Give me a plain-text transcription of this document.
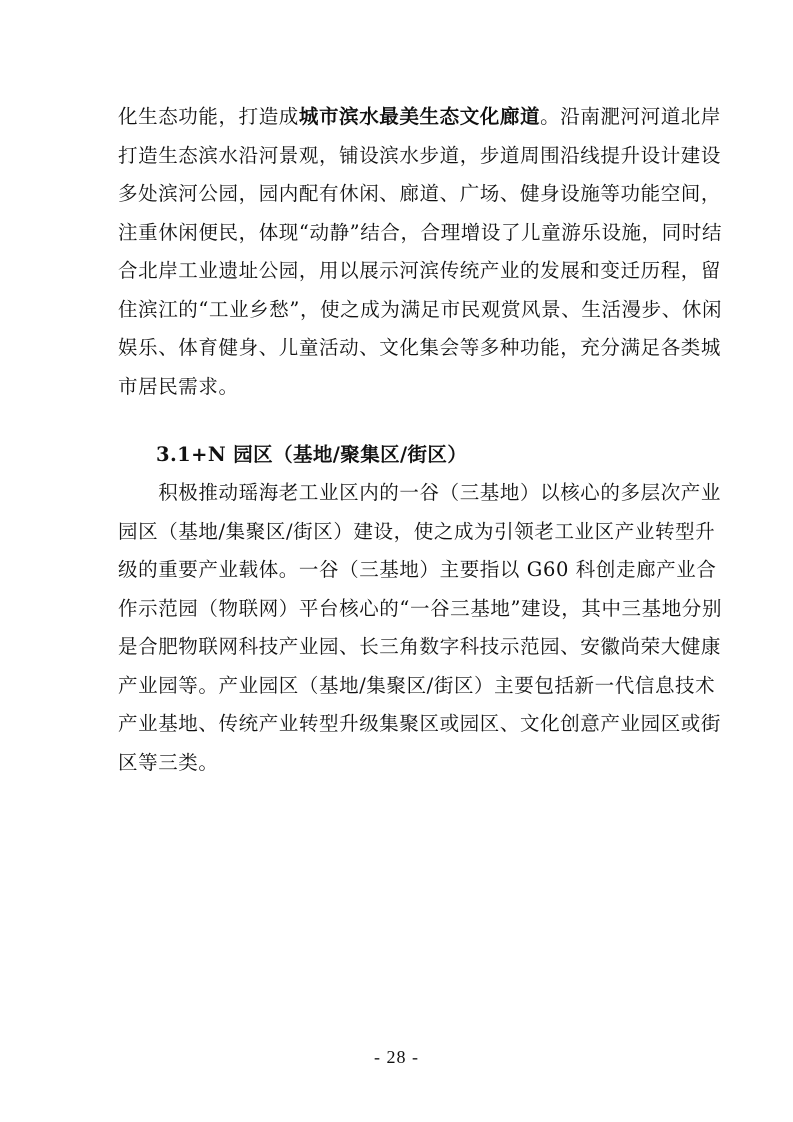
化生态功能，打造成城市滨水最美生态文化廊道。沿南淝河河道北岸
打造生态滨水沿河景观，铺设滨水步道，步道周围沿线提升设计建设
多处滨河公园，园内配有休闲、廊道、广场、健身设施等功能空间，
注重休闲便民，体现“动静”结合，合理增设了儿童游乐设施，同时结
合北岸工业遗址公园，用以展示河滨传统产业的发展和变迁历程，留
住滨江的“工业乡愁”，使之成为满足市民观赏风景、生活漫步、休闲
娱乐、体育健身、儿童活动、文化集会等多种功能，充分满足各类城
市居民需求。
3.1+N 园区（基地/聚集区/街区）
　　积极推动瑶海老工业区内的一谷（三基地）以核心的多层次产业
园区（基地/集聚区/街区）建设，使之成为引领老工业区产业转型升
级的重要产业载体。一谷（三基地）主要指以 G60 科创走廊产业合
作示范园（物联网）平台核心的“一谷三基地”建设，其中三基地分别
是合肥物联网科技产业园、长三角数字科技示范园、安徽尚荣大健康
产业园等。产业园区（基地/集聚区/街区）主要包括新一代信息技术
产业基地、传统产业转型升级集聚区或园区、文化创意产业园区或街
区等三类。
- 28 -
